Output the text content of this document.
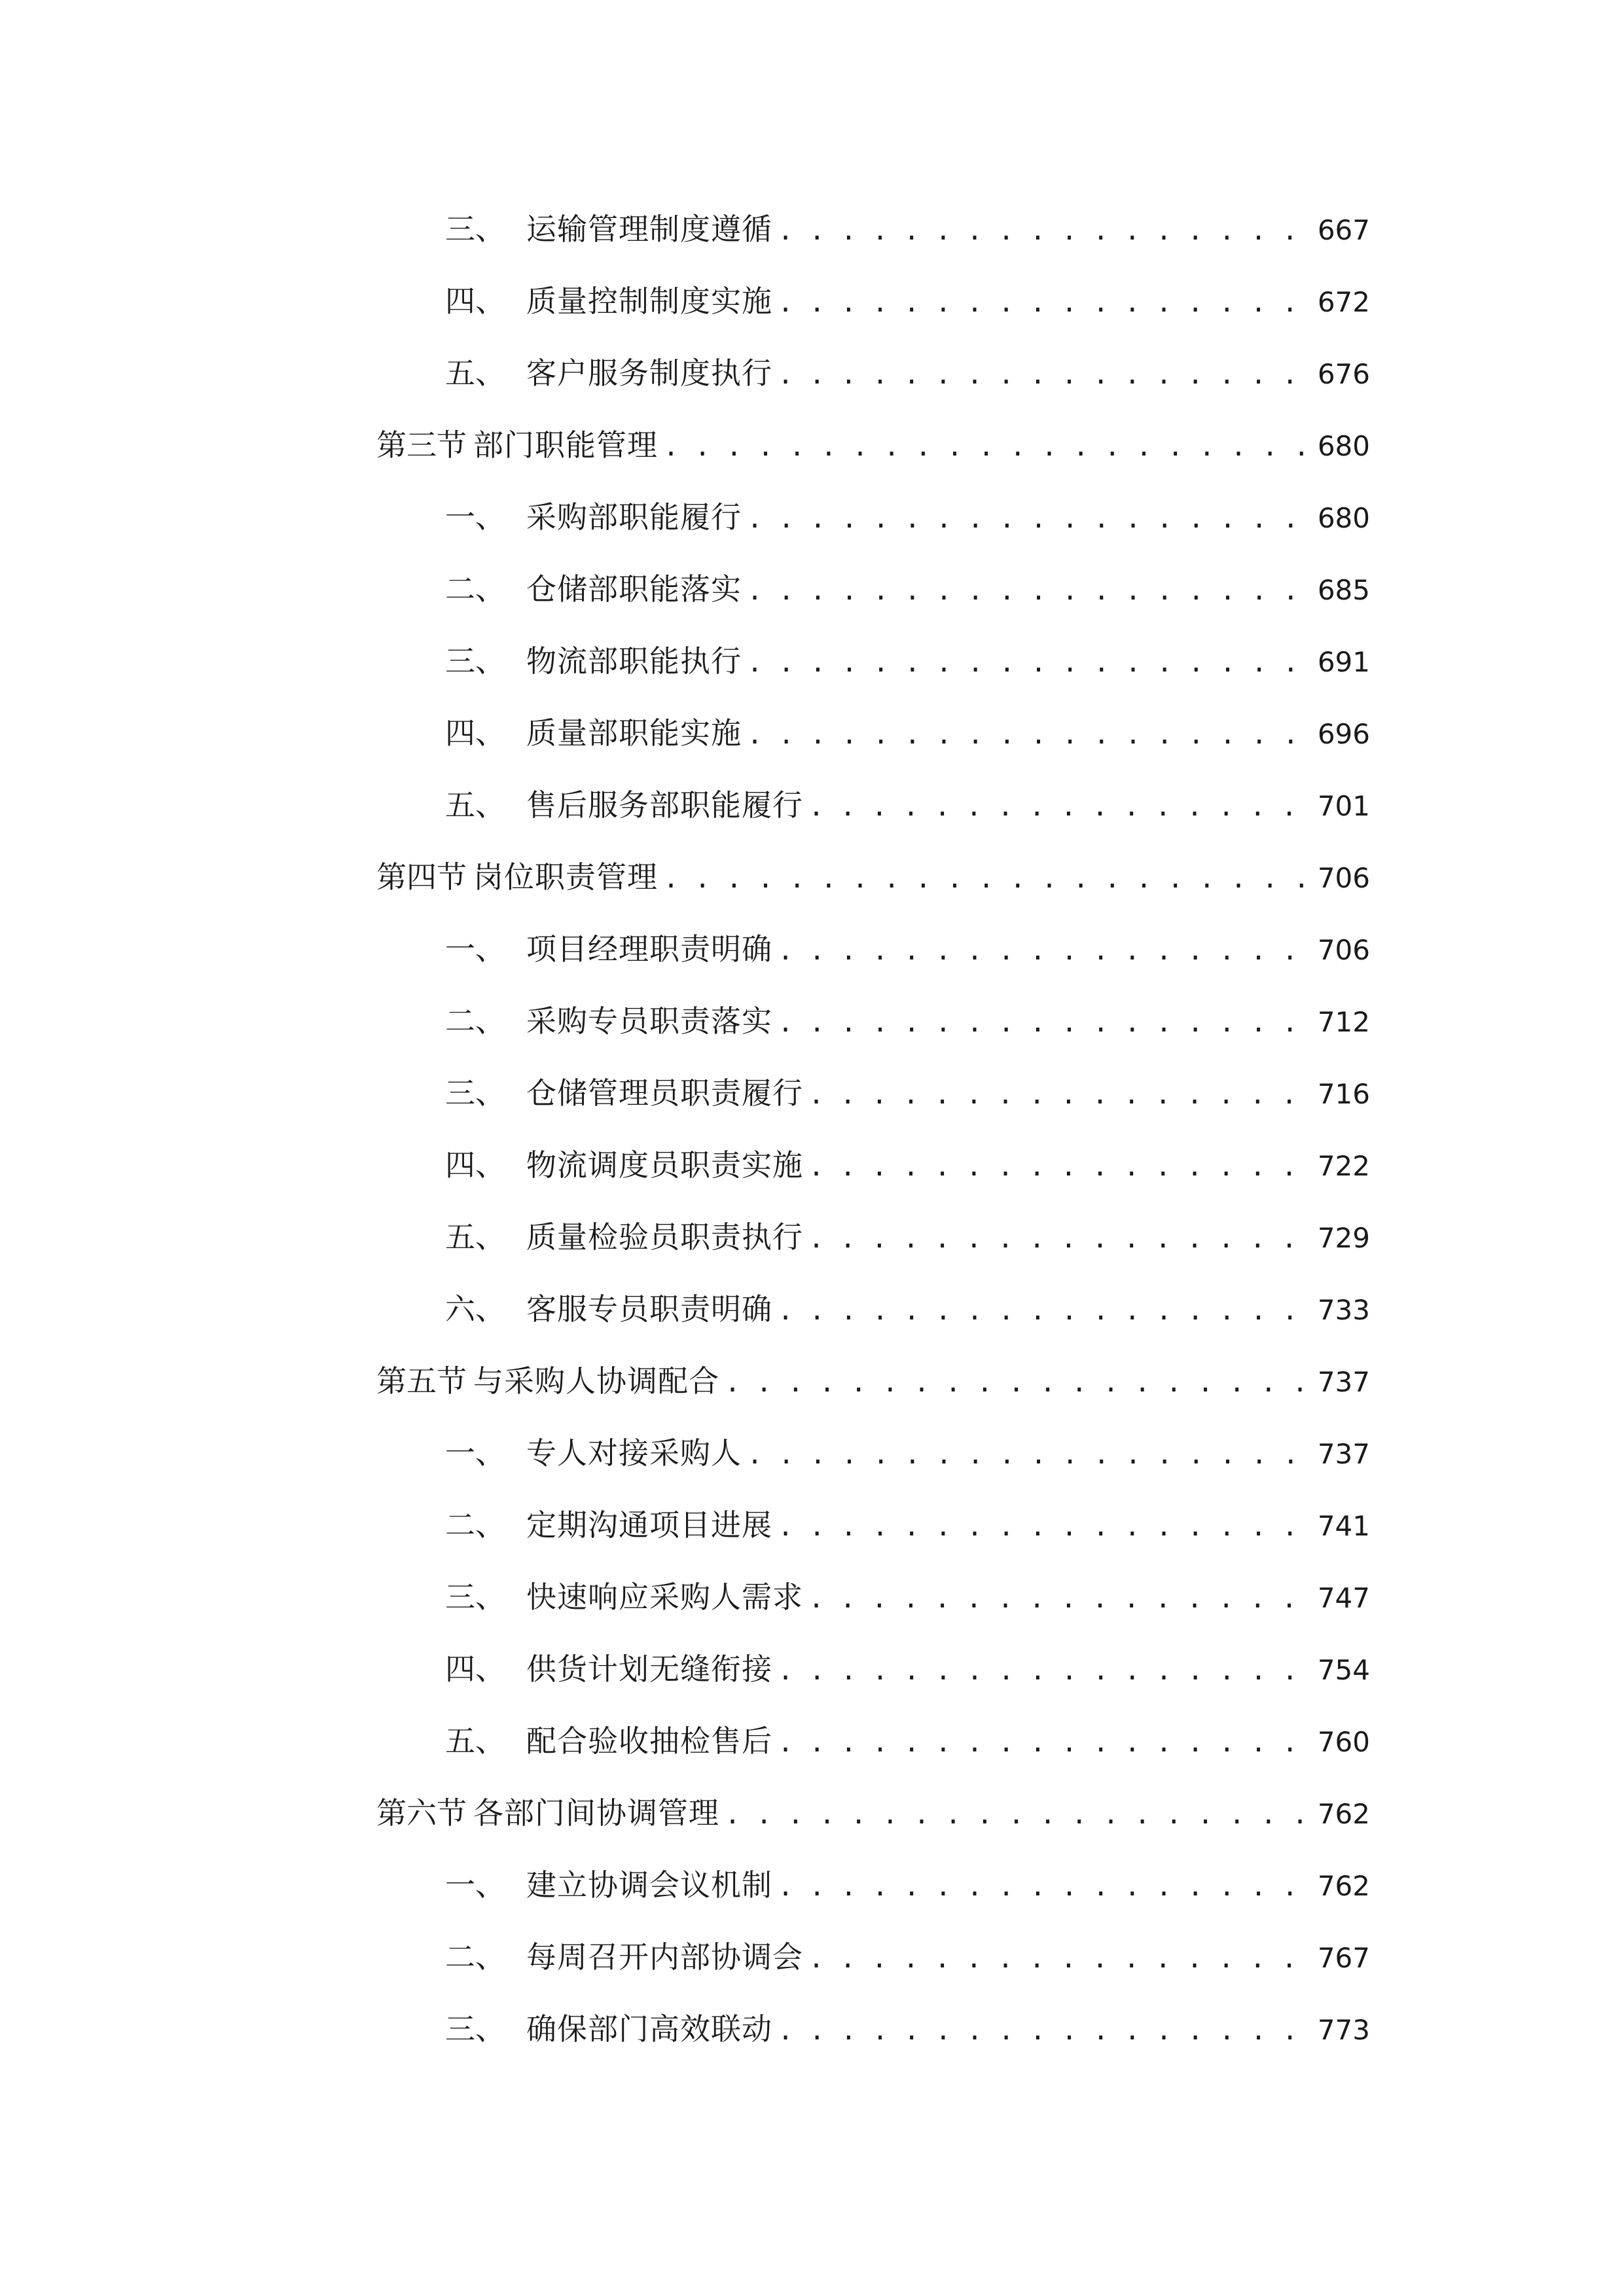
三、 运输管理制度遵循 . . .	667
四、 质量控制制度实施 . . .	672
五、 客户服务制度执行 . . .	676
第三节 部门职能管理 . . .	680
一、 采购部职能履行 . . .	680
二、 仓储部职能落实 . . .	685
三、 物流部职能执行 . . .	691
四、 质量部职能实施 . . .	696
五、 售后服务部职能履行 . . .	701
第四节 岗位职责管理 . . .	706
一、 项目经理职责明确 . . .	706
二、 采购专员职责落实 . . .	712
三、 仓储管理员职责履行 . . .	716
四、 物流调度员职责实施 . . .	722
五、 质量检验员职责执行 . . .	729
六、 客服专员职责明确 . . .	733
第五节 与采购人协调配合 . . .	737
一、 专人对接采购人 . . .	737
二、 定期沟通项目进展 . . .	741
三、 快速响应采购人需求 . . .	747
四、 供货计划无缝衔接 . . .	754
五、 配合验收抽检售后 . . .	760
第六节 各部门间协调管理 . . .	762
一、 建立协调会议机制 . . .	762
二、 每周召开内部协调会 . . .	767
三、 确保部门高效联动 . . .	773
